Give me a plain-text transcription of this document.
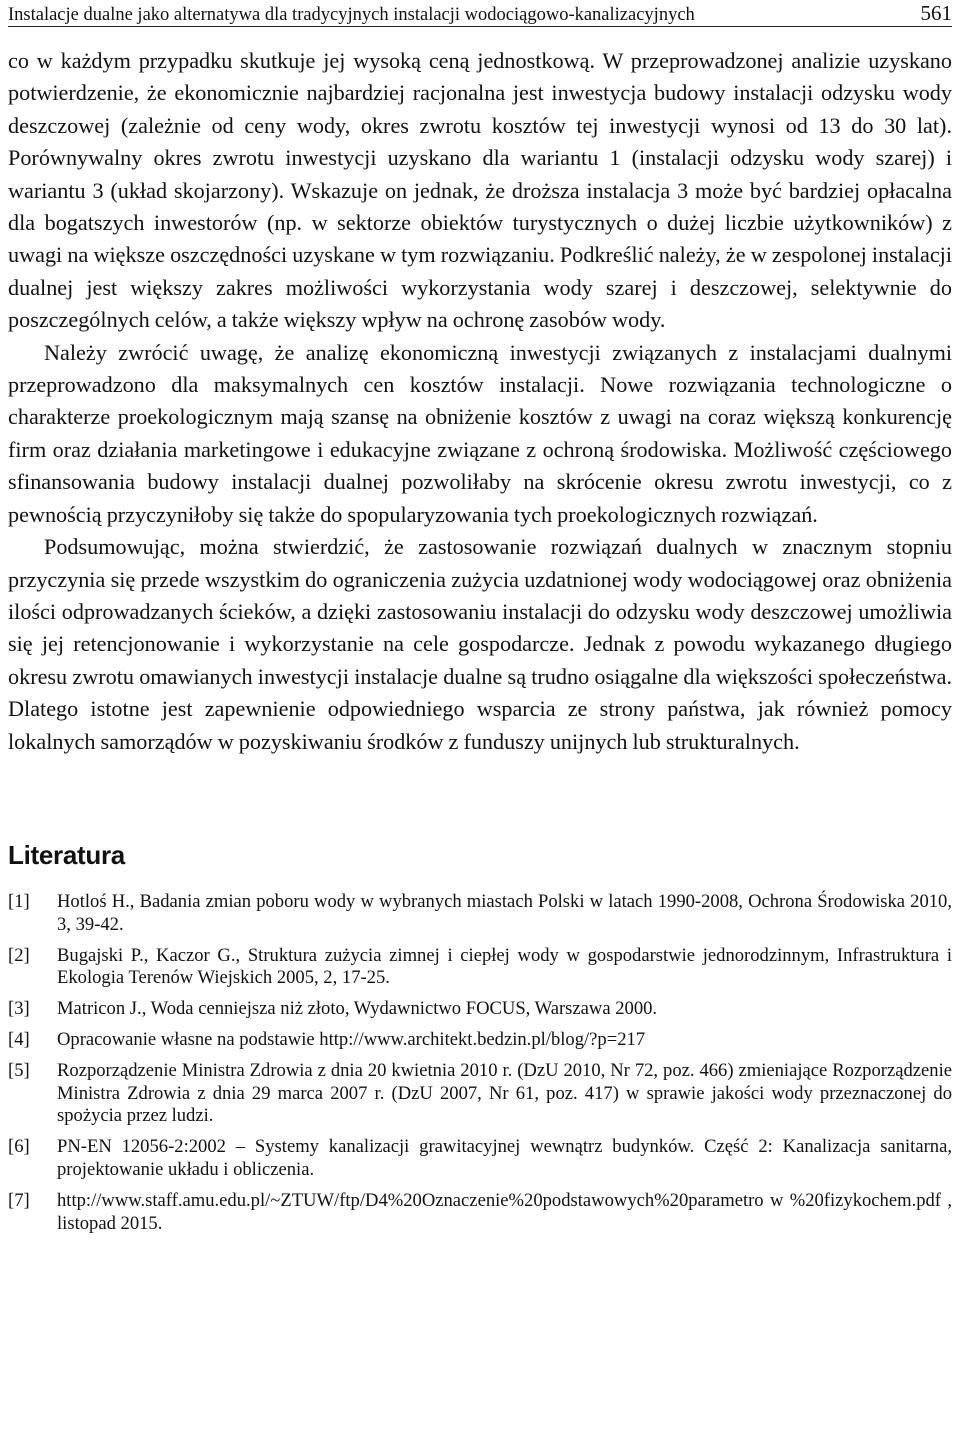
Instalacje dualne jako alternatywa dla tradycyjnych instalacji wodociągowo-kanalizacyjnych	561

co w każdym przypadku skutkuje jej wysoką ceną jednostkową. W przeprowadzonej analizie uzyskano potwierdzenie, że ekonomicznie najbardziej racjonalna jest inwestycja budowy instalacji odzysku wody deszczowej (zależnie od ceny wody, okres zwrotu kosztów tej inwestycji wynosi od 13 do 30 lat). Porównywalny okres zwrotu inwestycji uzyskano dla wariantu 1 (instalacji odzysku wody szarej) i wariantu 3 (układ skojarzony). Wskazuje on jednak, że droższa instalacja 3 może być bardziej opłacalna dla bogatszych inwestorów (np. w sektorze obiektów turystycznych o dużej liczbie użytkowników) z uwagi na większe oszczędności uzyskane w tym rozwiązaniu. Podkreślić należy, że w zespolonej instalacji dualnej jest większy zakres możliwości wykorzystania wody szarej i deszczowej, selektywnie do poszczególnych celów, a także większy wpływ na ochronę zasobów wody.

Należy zwrócić uwagę, że analizę ekonomiczną inwestycji związanych z instalacjami dualnymi przeprowadzono dla maksymalnych cen kosztów instalacji. Nowe rozwiązania technologiczne o charakterze proekologicznym mają szansę na obniżenie kosztów z uwagi na coraz większą konkurencję firm oraz działania marketingowe i edukacyjne związane z ochroną środowiska. Możliwość częściowego sfinansowania budowy instalacji dualnej pozwoliłaby na skrócenie okresu zwrotu inwestycji, co z pewnością przyczyniłoby się także do spopularyzowania tych proekologicznych rozwiązań.

Podsumowując, można stwierdzić, że zastosowanie rozwiązań dualnych w znacznym stopniu przyczynia się przede wszystkim do ograniczenia zużycia uzdatnionej wody wodociągowej oraz obniżenia ilości odprowadzanych ścieków, a dzięki zastosowaniu instalacji do odzysku wody deszczowej umożliwia się jej retencjonowanie i wykorzystanie na cele gospodarcze. Jednak z powodu wykazanego długiego okresu zwrotu omawianych inwestycji instalacje dualne są trudno osiągalne dla większości społeczeństwa. Dlatego istotne jest zapewnienie odpowiedniego wsparcia ze strony państwa, jak również pomocy lokalnych samorządów w pozyskiwaniu środków z funduszy unijnych lub strukturalnych.

Literatura
[1]	Hotloś H., Badania zmian poboru wody w wybranych miastach Polski w latach 1990-2008, Ochrona Środowiska 2010, 3, 39-42.
[2]	Bugajski P., Kaczor G., Struktura zużycia zimnej i ciepłej wody w gospodarstwie jednorodzinnym, Infrastruktura i Ekologia Terenów Wiejskich 2005, 2, 17-25.
[3]	Matricon J., Woda cenniejsza niż złoto, Wydawnictwo FOCUS, Warszawa 2000.
[4]	Opracowanie własne na podstawie http://www.architekt.bedzin.pl/blog/?p=217
[5]	Rozporządzenie Ministra Zdrowia z dnia 20 kwietnia 2010 r. (DzU 2010, Nr 72, poz. 466) zmieniające Rozporządzenie Ministra Zdrowia z dnia 29 marca 2007 r. (DzU 2007, Nr 61, poz. 417) w sprawie jakości wody przeznaczonej do spożycia przez ludzi.
[6]	PN-EN 12056-2:2002 – Systemy kanalizacji grawitacyjnej wewnątrz budynków. Część 2: Kanalizacja sanitarna, projektowanie układu i obliczenia.
[7]	http://www.staff.amu.edu.pl/~ZTUW/ftp/D4%20Oznaczenie%20podstawowych%20parametro w %20fizykochem.pdf , listopad 2015.
